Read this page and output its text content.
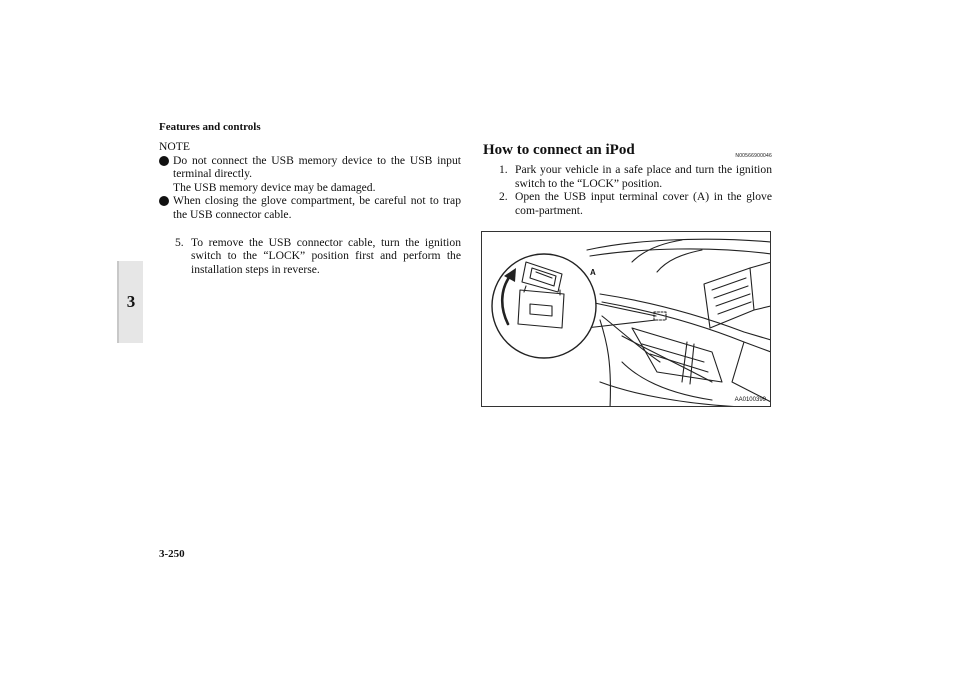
Features and controls
3
NOTE
Do not connect the USB memory device to the USB input terminal directly.
The USB memory device may be damaged.
When closing the glove compartment, be careful not to trap the USB connector cable.
5. To remove the USB connector cable, turn the ignition switch to the “LOCK” position first and perform the installation steps in reverse.
How to connect an iPod	N00566900046
1. Park your vehicle in a safe place and turn the ignition switch to the “LOCK” position.
2. Open the USB input terminal cover (A) in the glove com-partment.
A
AA0100399
3-250
